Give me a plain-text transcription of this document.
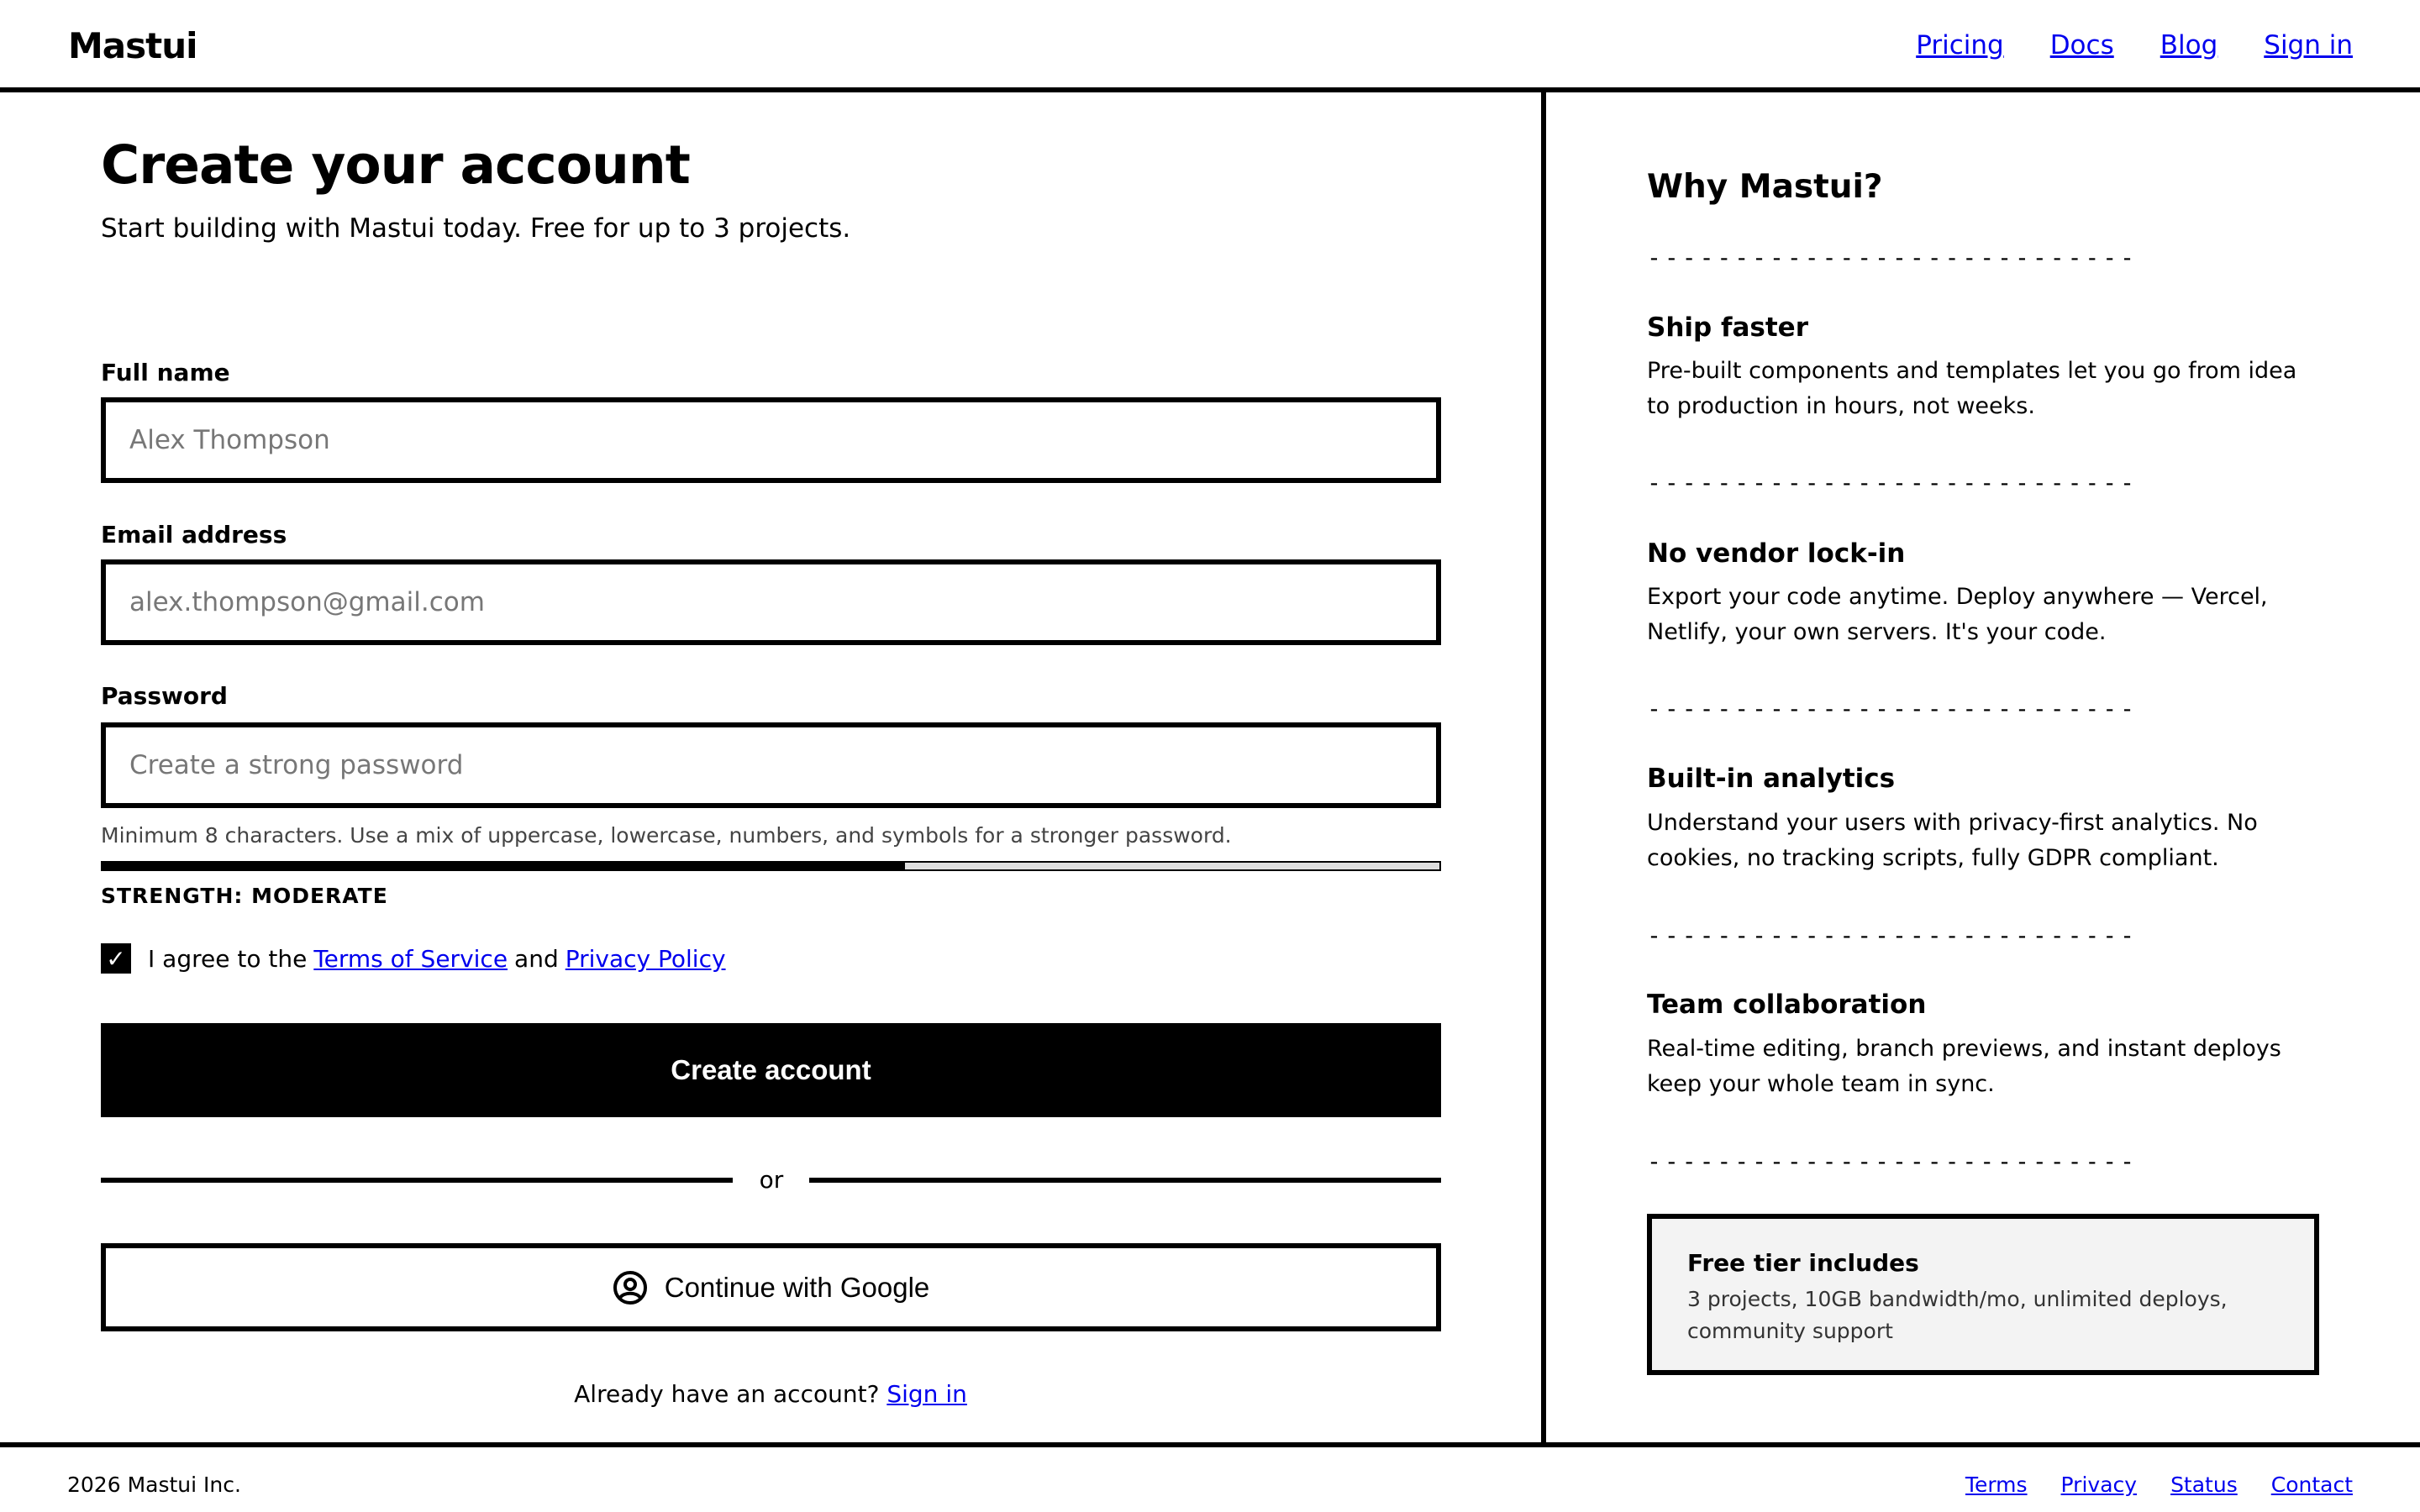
Mastui	Pricing Docs Blog Sign in
Create your account

Start building with Mastui today. Free for up to 3 projects.

Full name
Alex Thompson
Email address
alex.thompson@gmail.com
Password

Minimum 8 characters. Use a mix of uppercase, lowercase, numbers, and symbols for a stronger password.

STRENGTH: MODERATE
✓ I agree to the Terms of Service and Privacy Policy
Create account
or
Continue with Google
Already have an account? Sign in
Why Mastui?
----------------------------
Ship faster
Pre-built components and templates let you go from idea to production in hours, not weeks.
----------------------------
No vendor lock-in
Export your code anytime. Deploy anywhere — Vercel, Netlify, your own servers. It's your code.
----------------------------
Built-in analytics
Understand your users with privacy-first analytics. No cookies, no tracking scripts, fully GDPR compliant.
----------------------------
Team collaboration
Real-time editing, branch previews, and instant deploys keep your whole team in sync.
----------------------------
Free tier includes
3 projects, 10GB bandwidth/mo, unlimited deploys, community support
2026 Mastui Inc.	Terms Privacy Status Contact
